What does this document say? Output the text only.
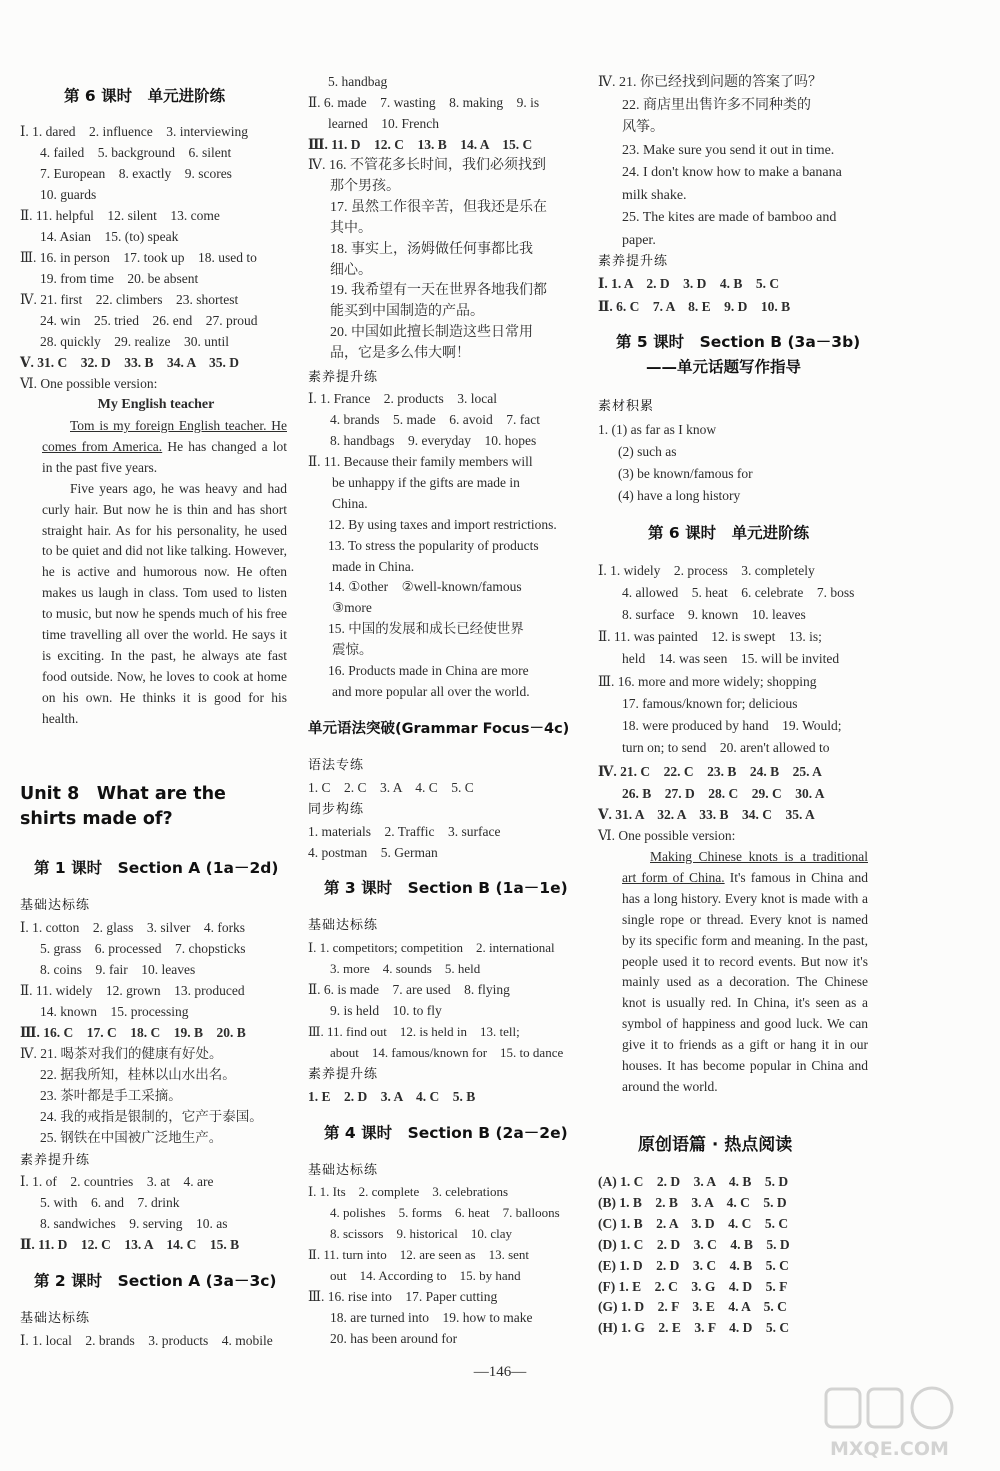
第 6 课时　单元进阶练
Ⅰ. 1. dared　2. influence　3. interviewing
4. failed　5. background　6. silent
7. European　8. exactly　9. scores
10. guards
Ⅱ. 11. helpful　12. silent　13. come
14. Asian　15. (to) speak
Ⅲ. 16. in person　17. took up　18. used to
19. from time　20. be absent
Ⅳ. 21. first　22. climbers　23. shortest
24. win　25. tried　26. end　27. proud
28. quickly　29. realize　30. until
Ⅴ. 31. C　32. D　33. B　34. A　35. D
Ⅵ. One possible version:
My English teacher

Tom is my foreign English teacher. He comes from America. He has changed a lot in the past five years.

Five years ago, he was heavy and had curly hair. But now he is thin and has short straight hair. As for his personality, he used to be quiet and did not like talking. However, he is active and humorous now. He often makes us laugh in class. Tom used to listen to music, but now he spends much of his free time travelling all over the world. He says it is exciting. In the past, he always ate fast food outside. Now, he loves to cook at home on his own. He thinks it is good for his health.

Unit 8　What are the shirts made of?
第 1 课时　Section A (1a－2d)
基础达标练
Ⅰ. 1. cotton　2. glass　3. silver　4. forks
5. grass　6. processed　7. chopsticks
8. coins　9. fair　10. leaves
Ⅱ. 11. widely　12. grown　13. produced
14. known　15. processing
Ⅲ. 16. C　17. C　18. C　19. B　20. B
Ⅳ. 21. 喝茶对我们的健康有好处。
22. 据我所知，桂林以山水出名。
23. 茶叶都是手工采摘。
24. 我的戒指是银制的，它产于泰国。
25. 钢铁在中国被广泛地生产。
素养提升练
Ⅰ. 1. of　2. countries　3. at　4. are
5. with　6. and　7. drink
8. sandwiches　9. serving　10. as
Ⅱ. 11. D　12. C　13. A　14. C　15. B
第 2 课时　Section A (3a－3c)
基础达标练
Ⅰ. 1. local　2. brands　3. products　4. mobile
5. handbag
Ⅱ. 6. made　7. wasting　8. making　9. is
learned　10. French
Ⅲ. 11. D　12. C　13. B　14. A　15. C
Ⅳ. 16. 不管花多长时间，我们必须找到
那个男孩。
17. 虽然工作很辛苦，但我还是乐在
其中。
18. 事实上，汤姆做任何事都比我
细心。
19. 我希望有一天在世界各地我们都
能买到中国制造的产品。
20. 中国如此擅长制造这些日常用
品，它是多么伟大啊！
素养提升练
Ⅰ. 1. France　2. products　3. local
4. brands　5. made　6. avoid　7. fact
8. handbags　9. everyday　10. hopes
Ⅱ. 11. Because their family members will
be unhappy if the gifts are made in
China.
12. By using taxes and import restrictions.
13. To stress the popularity of products
made in China.
14. ①other　②well-known/famous
③more
15. 中国的发展和成长已经使世界
震惊。
16. Products made in China are more
and more popular all over the world.
单元语法突破(Grammar Focus－4c)
语法专练
1. C　2. C　3. A　4. C　5. C
同步构练
1. materials　2. Traffic　3. surface
4. postman　5. German
第 3 课时　Section B (1a－1e)
基础达标练
Ⅰ. 1. competitors; competition　2. international
3. more　4. sounds　5. held
Ⅱ. 6. is made　7. are used　8. flying
9. is held　10. to fly
Ⅲ. 11. find out　12. is held in　13. tell;
about　14. famous/known for　15. to dance
素养提升练
1. E　2. D　3. A　4. C　5. B
第 4 课时　Section B (2a－2e)
基础达标练
Ⅰ. 1. Its　2. complete　3. celebrations
4. polishes　5. forms　6. heat　7. balloons
8. scissors　9. historical　10. clay
Ⅱ. 11. turn into　12. are seen as　13. sent
out　14. According to　15. by hand
Ⅲ. 16. rise into　17. Paper cutting
18. are turned into　19. how to make
20. has been around for
Ⅳ. 21. 你已经找到问题的答案了吗？
22. 商店里出售许多不同种类的
风筝。
23. Make sure you send it out in time.
24. I don't know how to make a banana
milk shake.
25. The kites are made of bamboo and
paper.
素养提升练
Ⅰ. 1. A　2. D　3. D　4. B　5. C
Ⅱ. 6. C　7. A　8. E　9. D　10. B
第 5 课时　Section B (3a－3b)
——单元话题写作指导
素材积累
1. (1) as far as I know
(2) such as
(3) be known/famous for
(4) have a long history
第 6 课时　单元进阶练
Ⅰ. 1. widely　2. process　3. completely
4. allowed　5. heat　6. celebrate　7. boss
8. surface　9. known　10. leaves
Ⅱ. 11. was painted　12. is swept　13. is;
held　14. was seen　15. will be invited
Ⅲ. 16. more and more widely; shopping
17. famous/known for; delicious
18. were produced by hand　19. Would;
turn on; to send　20. aren't allowed to
Ⅳ. 21. C　22. C　23. B　24. B　25. A
26. B　27. D　28. C　29. C　30. A
Ⅴ. 31. A　32. A　33. B　34. C　35. A
Ⅵ. One possible version:

Making Chinese knots is a traditional art form of China. It's famous in China and has a long history. Every knot is made with a single rope or thread. Every knot is named by its specific form and meaning. In the past, people used it to record events. But now it's mainly used as a decoration. The Chinese knot is usually red. In China, it's seen as a symbol of happiness and good luck. We can give it to friends as a gift or hang it in our houses. It has become popular in China and around the world.

原创语篇 · 热点阅读
(A) 1. C　2. D　3. A　4. B　5. D
(B) 1. B　2. B　3. A　4. C　5. D
(C) 1. B　2. A　3. D　4. C　5. C
(D) 1. C　2. D　3. C　4. B　5. D
(E) 1. D　2. D　3. C　4. B　5. C
(F) 1. E　2. C　3. G　4. D　5. F
(G) 1. D　2. F　3. E　4. A　5. C
(H) 1. G　2. E　3. F　4. D　5. C
—146—
MXQE.COM
